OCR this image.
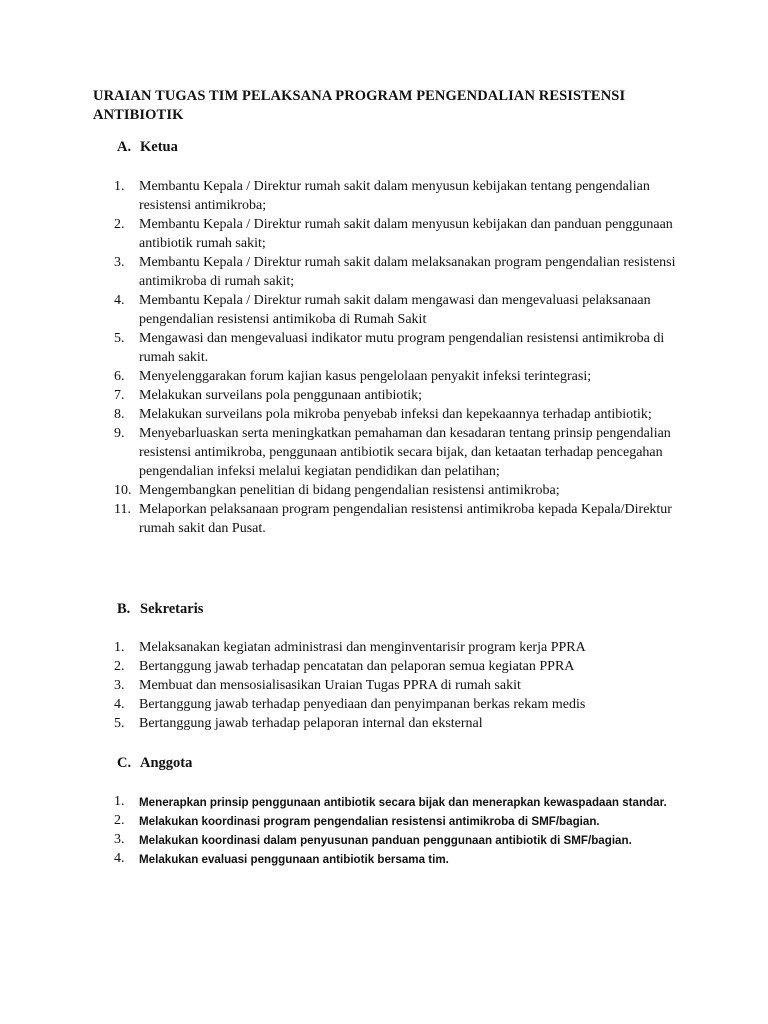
URAIAN TUGAS TIM PELAKSANA PROGRAM PENGENDALIAN RESISTENSI ANTIBIOTIK
A. Ketua
1. Membantu Kepala / Direktur rumah sakit dalam menyusun kebijakan tentang pengendalian resistensi antimikroba;
2. Membantu Kepala / Direktur rumah sakit dalam menyusun kebijakan dan panduan penggunaan antibiotik rumah sakit;
3. Membantu Kepala / Direktur rumah sakit dalam melaksanakan program pengendalian resistensi antimikroba di rumah sakit;
4. Membantu Kepala / Direktur rumah sakit dalam mengawasi dan mengevaluasi pelaksanaan pengendalian resistensi antimikoba di Rumah Sakit
5. Mengawasi dan mengevaluasi indikator mutu program pengendalian resistensi antimikroba di rumah sakit.
6. Menyelenggarakan forum kajian kasus pengelolaan penyakit infeksi terintegrasi;
7. Melakukan surveilans pola penggunaan antibiotik;
8. Melakukan surveilans pola mikroba penyebab infeksi dan kepekaannya terhadap antibiotik;
9. Menyebarluaskan serta meningkatkan pemahaman dan kesadaran tentang prinsip pengendalian resistensi antimikroba, penggunaan antibiotik secara bijak, dan ketaatan terhadap pencegahan pengendalian infeksi melalui kegiatan pendidikan dan pelatihan;
10. Mengembangkan penelitian di bidang pengendalian resistensi antimikroba;
11. Melaporkan pelaksanaan program pengendalian resistensi antimikroba kepada Kepala/Direktur rumah sakit dan Pusat.
B. Sekretaris
1. Melaksanakan kegiatan administrasi dan menginventarisir program kerja PPRA
2. Bertanggung jawab terhadap pencatatan dan pelaporan semua kegiatan PPRA
3. Membuat dan mensosialisasikan Uraian Tugas PPRA di rumah sakit
4. Bertanggung jawab terhadap penyediaan dan penyimpanan berkas rekam medis
5. Bertanggung jawab terhadap pelaporan internal dan eksternal
C. Anggota
1. Menerapkan prinsip penggunaan antibiotik secara bijak dan menerapkan kewaspadaan standar.
2. Melakukan koordinasi program pengendalian resistensi antimikroba di SMF/bagian.
3. Melakukan koordinasi dalam penyusunan panduan penggunaan antibiotik di SMF/bagian.
4. Melakukan evaluasi penggunaan antibiotik bersama tim.
